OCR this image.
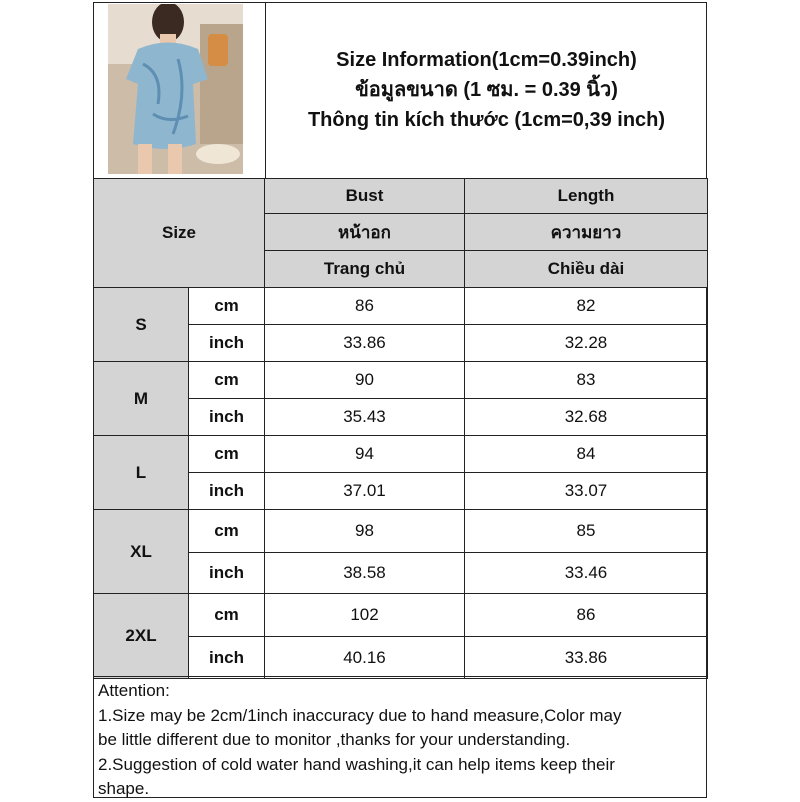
Size Information(1cm=0.39inch)
ข้อมูลขนาด (1 ซม. = 0.39 นิ้ว)
Thông tin kích thước (1cm=0,39 inch)
Size		Bust	Length
		หน้าอก	ความยาว
		Trang chủ	Chiều dài
S	cm	86	82
	inch	33.86	32.28
M	cm	90	83
	inch	35.43	32.68
L	cm	94	84
	inch	37.01	33.07
XL	cm	98	85
	inch	38.58	33.46
2XL	cm	102	86
	inch	40.16	33.86
Attention:
1.Size may be 2cm/1inch inaccuracy due to hand measure,Color may
be little different due to monitor ,thanks for your understanding.
2.Suggestion of cold water hand washing,it can help items keep their
shape.
